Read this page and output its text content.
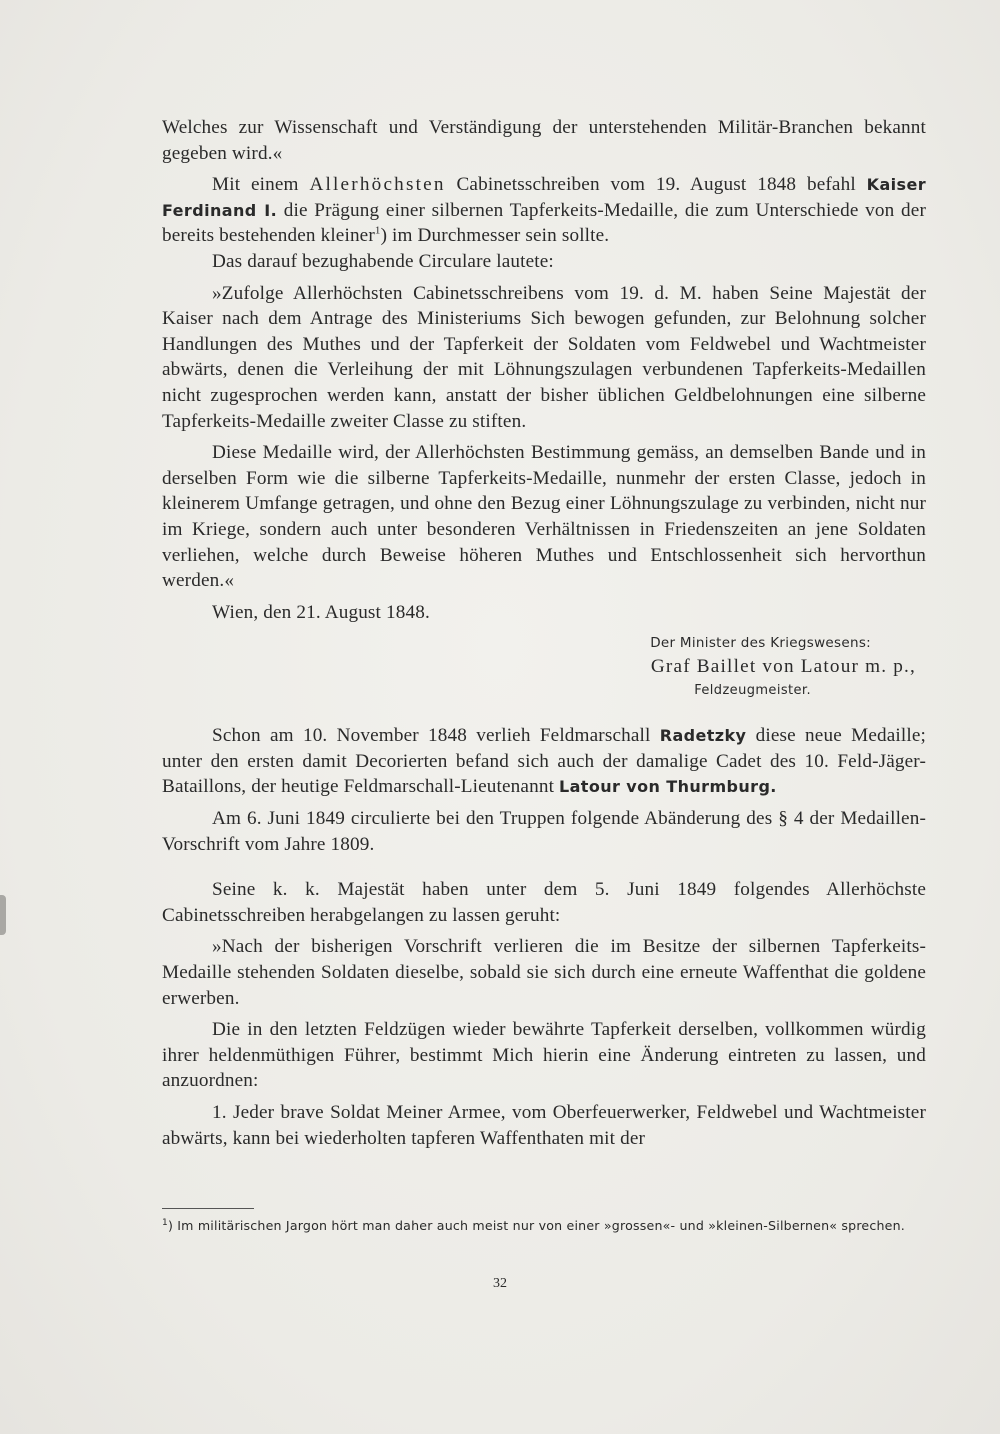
Welches zur Wissenschaft und Verständigung der unterstehenden Militär-Branchen bekannt gegeben wird.«

Mit einem Allerhöchsten Cabinetsschreiben vom 19. August 1848 befahl Kaiser Ferdinand I. die Prägung einer silbernen Tapferkeits-Medaille, die zum Unterschiede von der bereits bestehenden kleiner$^1$) im Durchmesser sein sollte.

Das darauf bezughabende Circulare lautete:

»Zufolge Allerhöchsten Cabinetsschreibens vom 19. d. M. haben Seine Majestät der Kaiser nach dem Antrage des Ministeriums Sich bewogen gefunden, zur Belohnung solcher Handlungen des Muthes und der Tapferkeit der Soldaten vom Feldwebel und Wachtmeister abwärts, denen die Verleihung der mit Löhnungszulagen verbundenen Tapferkeits-Medaillen nicht zugesprochen werden kann, anstatt der bisher üblichen Geldbelohnungen eine silberne Tapferkeits-Medaille zweiter Classe zu stiften.

Diese Medaille wird, der Allerhöchsten Bestimmung gemäss, an demselben Bande und in derselben Form wie die silberne Tapferkeits-Medaille, nunmehr der ersten Classe, jedoch in kleinerem Umfange getragen, und ohne den Bezug einer Löhnungszulage zu verbinden, nicht nur im Kriege, sondern auch unter besonderen Verhältnissen in Friedenszeiten an jene Soldaten verliehen, welche durch Beweise höheren Muthes und Entschlossenheit sich hervorthun werden.«

Wien, den 21. August 1848.

Der Minister des Kriegswesens:
Graf Baillet von Latour m. p.,
Feldzeugmeister.

Schon am 10. November 1848 verlieh Feldmarschall Radetzky diese neue Medaille; unter den ersten damit Decorierten befand sich auch der damalige Cadet des 10. Feld-Jäger-Bataillons, der heutige Feldmarschall-Lieutenannt Latour von Thurmburg.

Am 6. Juni 1849 circulierte bei den Truppen folgende Abänderung des § 4 der Medaillen-Vorschrift vom Jahre 1809.

Seine k. k. Majestät haben unter dem 5. Juni 1849 folgendes Allerhöchste Cabinetsschreiben herabgelangen zu lassen geruht:

»Nach der bisherigen Vorschrift verlieren die im Besitze der silbernen Tapferkeits-Medaille stehenden Soldaten dieselbe, sobald sie sich durch eine erneute Waffenthat die goldene erwerben.

Die in den letzten Feldzügen wieder bewährte Tapferkeit derselben, vollkommen würdig ihrer heldenmüthigen Führer, bestimmt Mich hierin eine Änderung eintreten zu lassen, und anzuordnen:

1. Jeder brave Soldat Meiner Armee, vom Oberfeuerwerker, Feldwebel und Wachtmeister abwärts, kann bei wiederholten tapferen Waffenthaten mit der

$^1$) Im militärischen Jargon hört man daher auch meist nur von einer »grossen«- und »kleinen-Silbernen« sprechen.
32
